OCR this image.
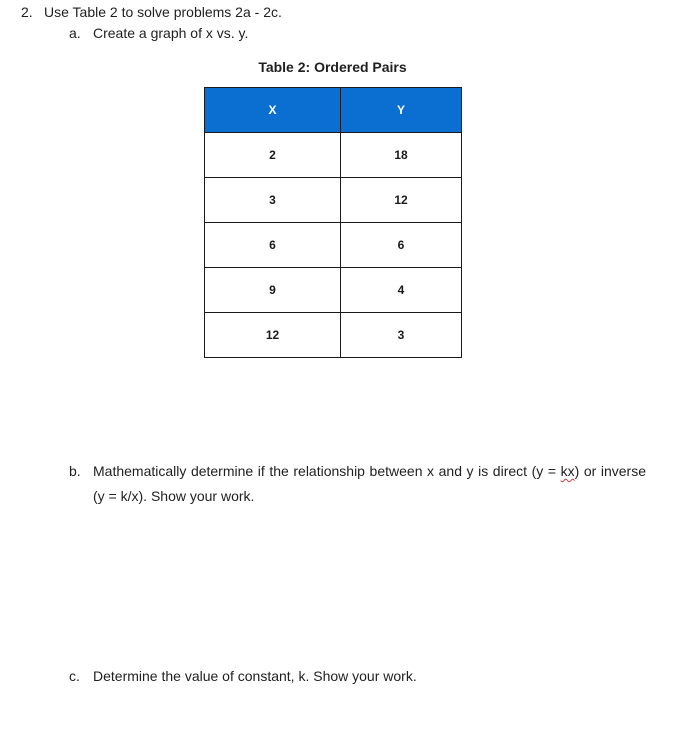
2. Use Table 2 to solve problems 2a - 2c.
a. Create a graph of x vs. y.
Table 2: Ordered Pairs
X	Y
2	18
3	12
6	6
9	4
12	3
b. Mathematically determine if the relationship between x and y is direct (y = kx) or inverse (y = k/x). Show your work.
c. Determine the value of constant, k. Show your work.
